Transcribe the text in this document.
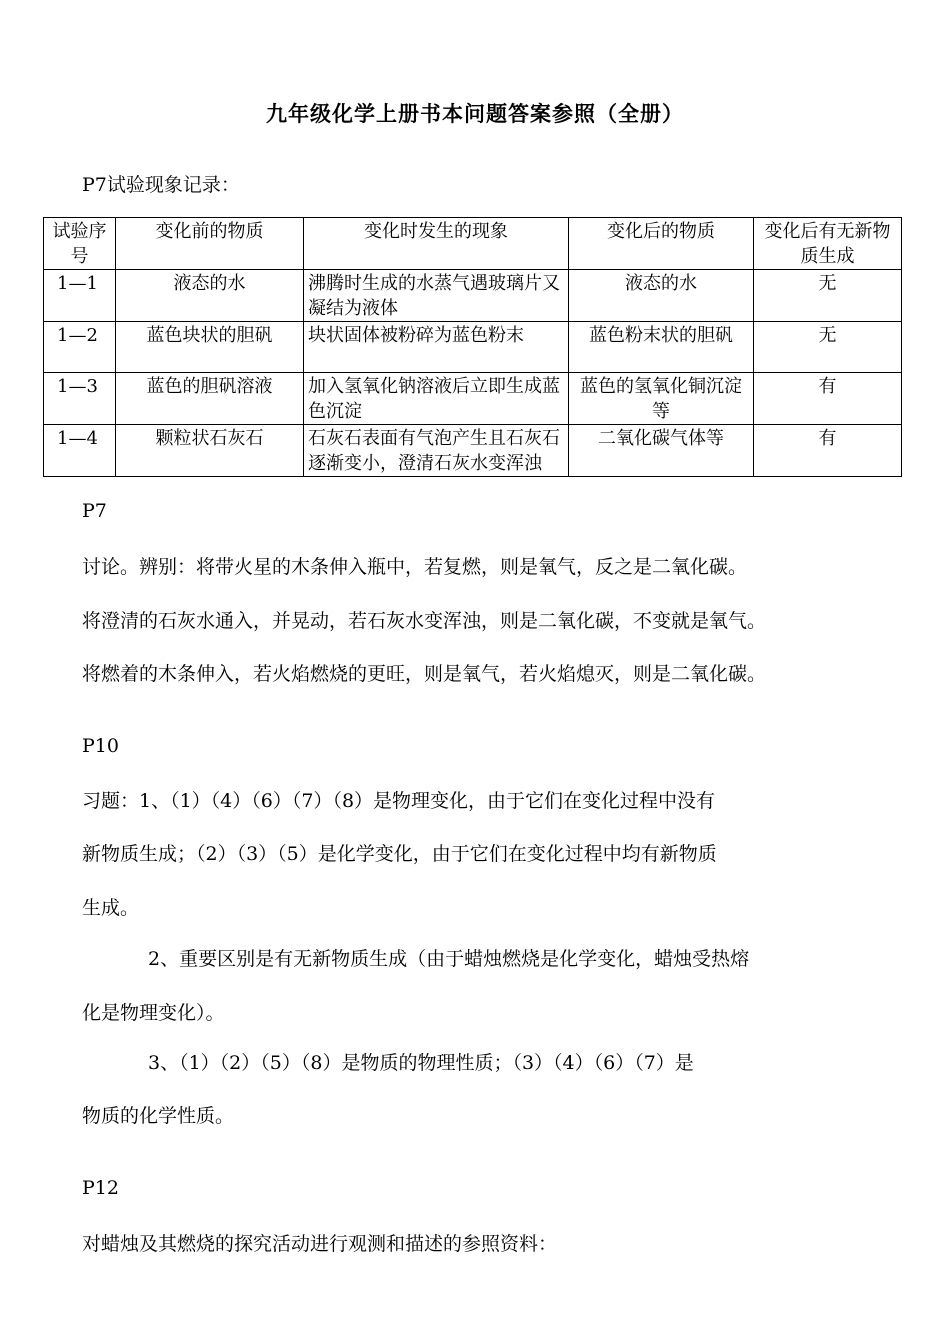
九年级化学上册书本问题答案参照（全册）
P7试验现象记录：
试验序号	变化前的物质	变化时发生的现象	变化后的物质	变化后有无新物质生成
1—1	液态的水	沸腾时生成的水蒸气遇玻璃片又凝结为液体	液态的水	无
1—2	蓝色块状的胆矾	块状固体被粉碎为蓝色粉末	蓝色粉末状的胆矾	无
1—3	蓝色的胆矾溶液	加入氢氧化钠溶液后立即生成蓝色沉淀	蓝色的氢氧化铜沉淀等	有
1—4	颗粒状石灰石	石灰石表面有气泡产生且石灰石逐渐变小，澄清石灰水变浑浊	二氧化碳气体等	有
P7
讨论。辨别：将带火星的木条伸入瓶中，若复燃，则是氧气，反之是二氧化碳。
将澄清的石灰水通入，并晃动，若石灰水变浑浊，则是二氧化碳，不变就是氧气。
将燃着的木条伸入，若火焰燃烧的更旺，则是氧气，若火焰熄灭，则是二氧化碳。
P10
习题：1、（1）（4）（6）（7）（8）是物理变化，由于它们在变化过程中没有
新物质生成；（2）（3）（5）是化学变化，由于它们在变化过程中均有新物质
生成。
2、重要区别是有无新物质生成（由于蜡烛燃烧是化学变化，蜡烛受热熔
化是物理变化）。
3、（1）（2）（5）（8）是物质的物理性质；（3）（4）（6）（7）是
物质的化学性质。
P12
对蜡烛及其燃烧的探究活动进行观测和描述的参照资料：
